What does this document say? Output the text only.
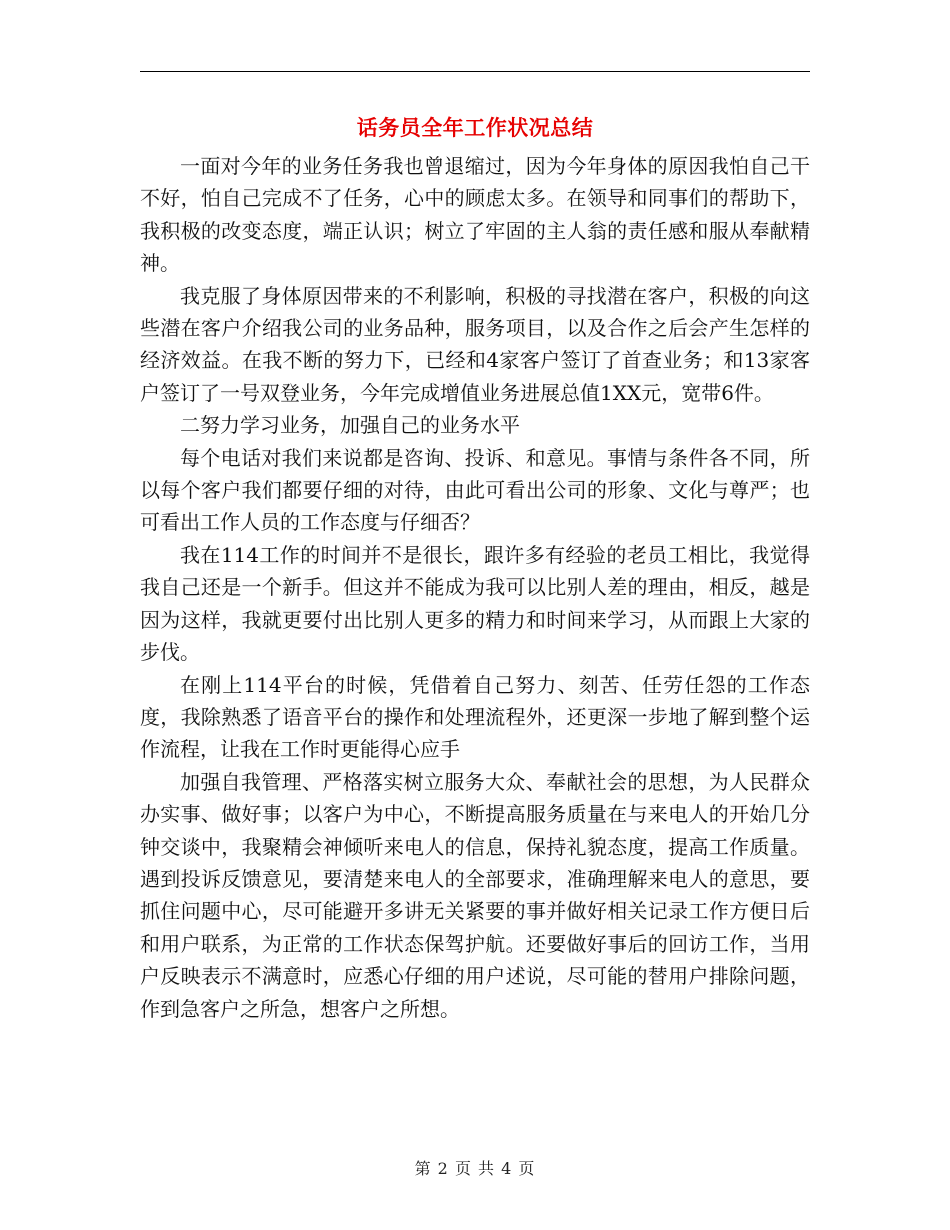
话务员全年工作状况总结

一面对今年的业务任务我也曾退缩过，因为今年身体的原因我怕自己干不好，怕自己完成不了任务，心中的顾虑太多。在领导和同事们的帮助下，我积极的改变态度，端正认识；树立了牢固的主人翁的责任感和服从奉献精神。

我克服了身体原因带来的不利影响，积极的寻找潜在客户，积极的向这些潜在客户介绍我公司的业务品种，服务项目，以及合作之后会产生怎样的经济效益。在我不断的努力下，已经和4家客户签订了首查业务；和13家客户签订了一号双登业务，今年完成增值业务进展总值1XX元，宽带6件。

二努力学习业务，加强自己的业务水平

每个电话对我们来说都是咨询、投诉、和意见。事情与条件各不同，所以每个客户我们都要仔细的对待，由此可看出公司的形象、文化与尊严；也可看出工作人员的工作态度与仔细否？

我在114工作的时间并不是很长，跟许多有经验的老员工相比，我觉得我自己还是一个新手。但这并不能成为我可以比别人差的理由，相反，越是因为这样，我就更要付出比别人更多的精力和时间来学习，从而跟上大家的步伐。

在刚上114平台的时候，凭借着自己努力、刻苦、任劳任怨的工作态度，我除熟悉了语音平台的操作和处理流程外，还更深一步地了解到整个运作流程，让我在工作时更能得心应手

加强自我管理、严格落实树立服务大众、奉献社会的思想，为人民群众办实事、做好事；以客户为中心，不断提高服务质量在与来电人的开始几分钟交谈中，我聚精会神倾听来电人的信息，保持礼貌态度，提高工作质量。遇到投诉反馈意见，要清楚来电人的全部要求，准确理解来电人的意思，要抓住问题中心，尽可能避开多讲无关紧要的事并做好相关记录工作方便日后和用户联系，为正常的工作状态保驾护航。还要做好事后的回访工作，当用户反映表示不满意时，应悉心仔细的用户述说，尽可能的替用户排除问题，作到急客户之所急，想客户之所想。

第 2 页 共 4 页
